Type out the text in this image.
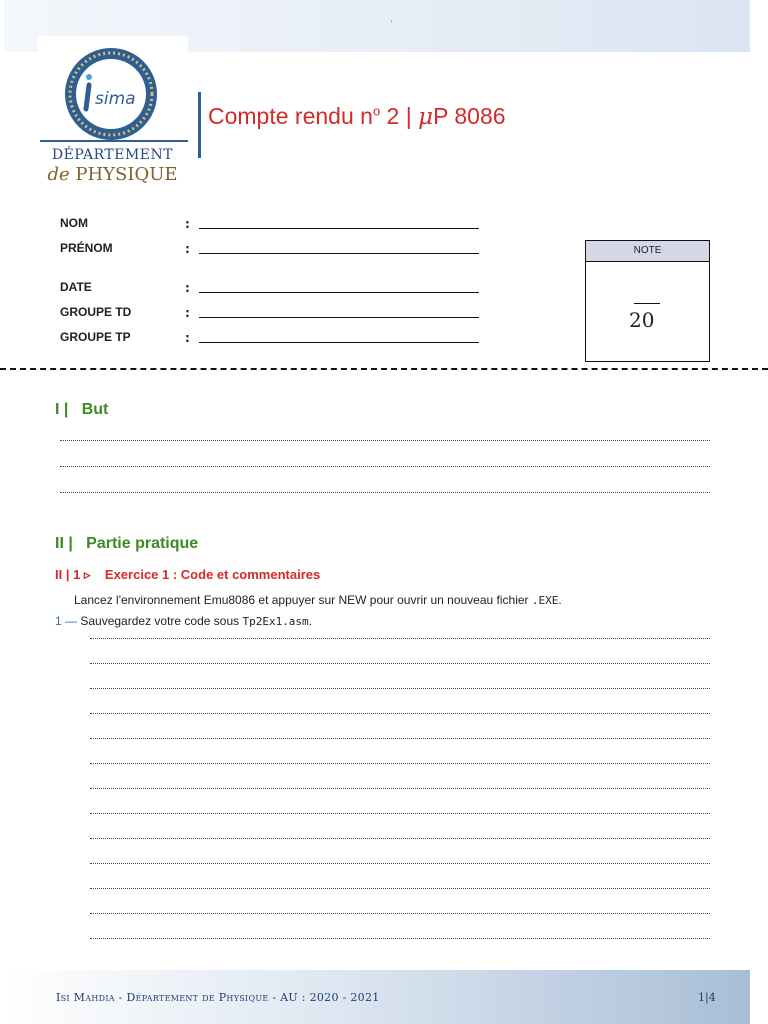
.
sima
DÉPARTEMENT
de PHYSIQUE
Compte rendu $n^o$ 2 | μP 8086
NOM	:
PRÉNOM	:
DATE	:
GROUPE TD	:
GROUPE TP	:
NOTE
20
I | But
II | Partie pratique
II | 1 ▹ Exercice 1 : Code et commentaires
Lancez l'environnement Emu8086 et appuyer sur NEW pour ouvrir un nouveau fichier .EXE.
1 — Sauvegardez votre code sous Tp2Ex1.asm.
Isi Mahdia - Département de Physique - AU : 2020 - 2021	1|4
